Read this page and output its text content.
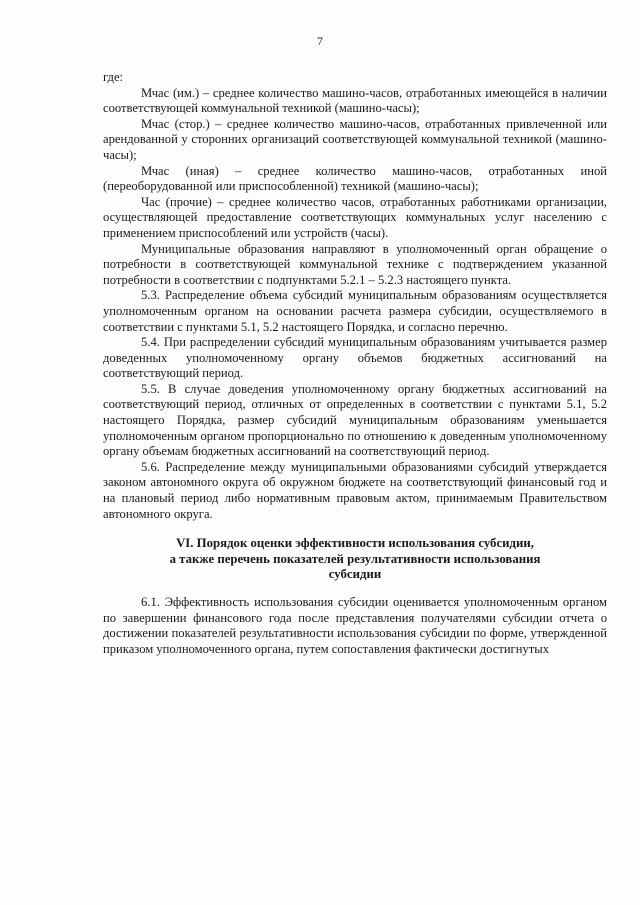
7

где:

Мчас (им.) – среднее количество машино-часов, отработанных имеющейся в наличии соответствующей коммунальной техникой (машино-часы);

Мчас (стор.) – среднее количество машино-часов, отработанных привлеченной или арендованной у сторонних организаций соответствующей коммунальной техникой (машино-часы);

Мчас (иная) – среднее количество машино-часов, отработанных иной (переоборудованной или приспособленной) техникой (машино-часы);

Час (прочие) – среднее количество часов, отработанных работниками организации, осуществляющей предоставление соответствующих коммунальных услуг населению с применением приспособлений или устройств (часы).

Муниципальные образования направляют в уполномоченный орган обращение о потребности в соответствующей коммунальной технике с подтверждением указанной потребности в соответствии с подпунктами 5.2.1 – 5.2.3 настоящего пункта.

5.3. Распределение объема субсидий муниципальным образованиям осуществляется уполномоченным органом на основании расчета размера субсидии, осуществляемого в соответствии с пунктами 5.1, 5.2 настоящего Порядка, и согласно перечню.

5.4. При распределении субсидий муниципальным образованиям учитывается размер доведенных уполномоченному органу объемов бюджетных ассигнований на соответствующий период.

5.5. В случае доведения уполномоченному органу бюджетных ассигнований на соответствующий период, отличных от определенных в соответствии с пунктами 5.1, 5.2 настоящего Порядка, размер субсидий муниципальным образованиям уменьшается уполномоченным органом пропорционально по отношению к доведенным уполномоченному органу объемам бюджетных ассигнований на соответствующий период.

5.6. Распределение между муниципальными образованиями субсидий утверждается законом автономного округа об окружном бюджете на соответствующий финансовый год и на плановый период либо нормативным правовым актом, принимаемым Правительством автономного округа.

VI. Порядок оценки эффективности использования субсидии,
а также перечень показателей результативности использования
субсидии

6.1. Эффективность использования субсидии оценивается уполномоченным органом по завершении финансового года после представления получателями субсидии отчета о достижении показателей результативности использования субсидии по форме, утвержденной приказом уполномоченного органа, путем сопоставления фактически достигнутых
